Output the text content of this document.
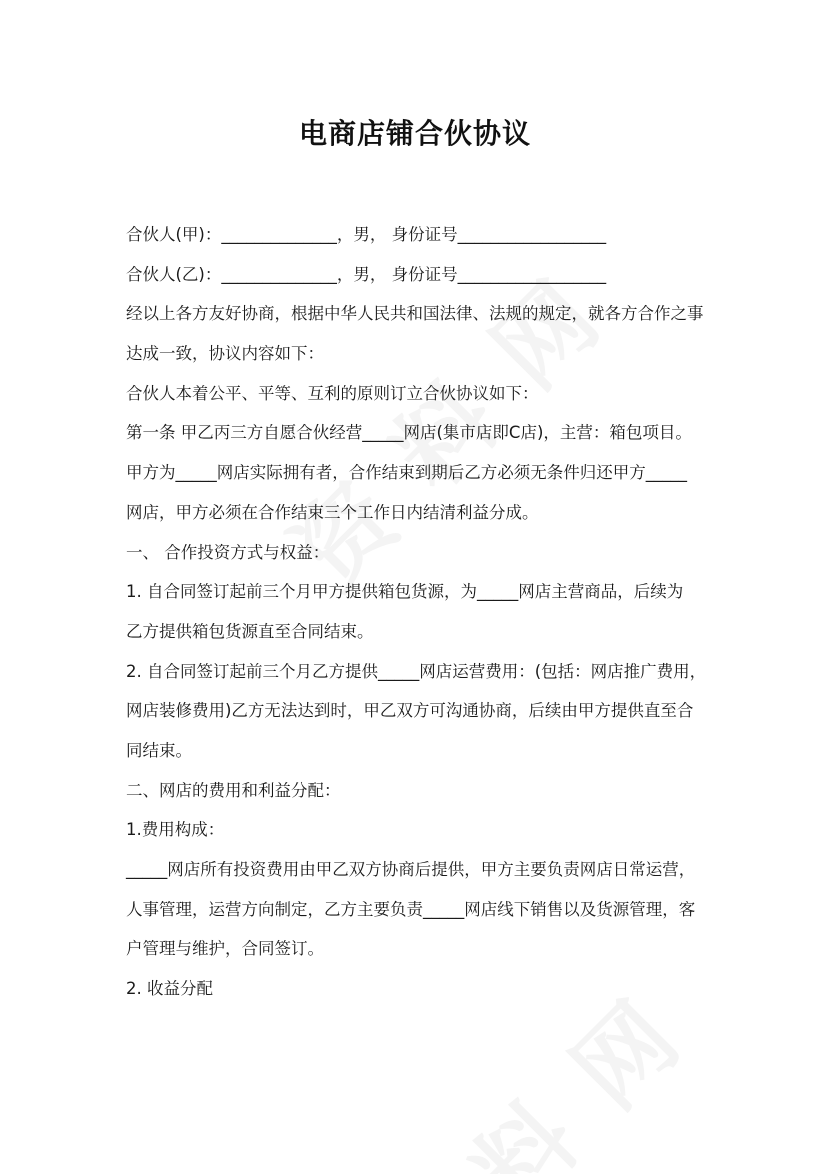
电商店铺合伙协议
合伙人(甲)：______________，男， 身份证号__________________
合伙人(乙)：______________，男， 身份证号__________________
经以上各方友好协商，根据中华人民共和国法律、法规的规定，就各方合作之事
达成一致，协议内容如下：
合伙人本着公平、平等、互利的原则订立合伙协议如下：
第一条 甲乙丙三方自愿合伙经营_____网店(集市店即C店)，主营：箱包项目。
甲方为_____网店实际拥有者，合作结束到期后乙方必须无条件归还甲方_____
网店，甲方必须在合作结束三个工作日内结清利益分成。
一、 合作投资方式与权益：
1. 自合同签订起前三个月甲方提供箱包货源，为_____网店主营商品，后续为
乙方提供箱包货源直至合同结束。
2. 自合同签订起前三个月乙方提供_____网店运营费用：(包括：网店推广费用，
网店装修费用)乙方无法达到时，甲乙双方可沟通协商，后续由甲方提供直至合
同结束。
二、网店的费用和利益分配：
1.费用构成：
_____网店所有投资费用由甲乙双方协商后提供，甲方主要负责网店日常运营，
人事管理，运营方向制定，乙方主要负责_____网店线下销售以及货源管理，客
户管理与维护，合同签订。
2. 收益分配
